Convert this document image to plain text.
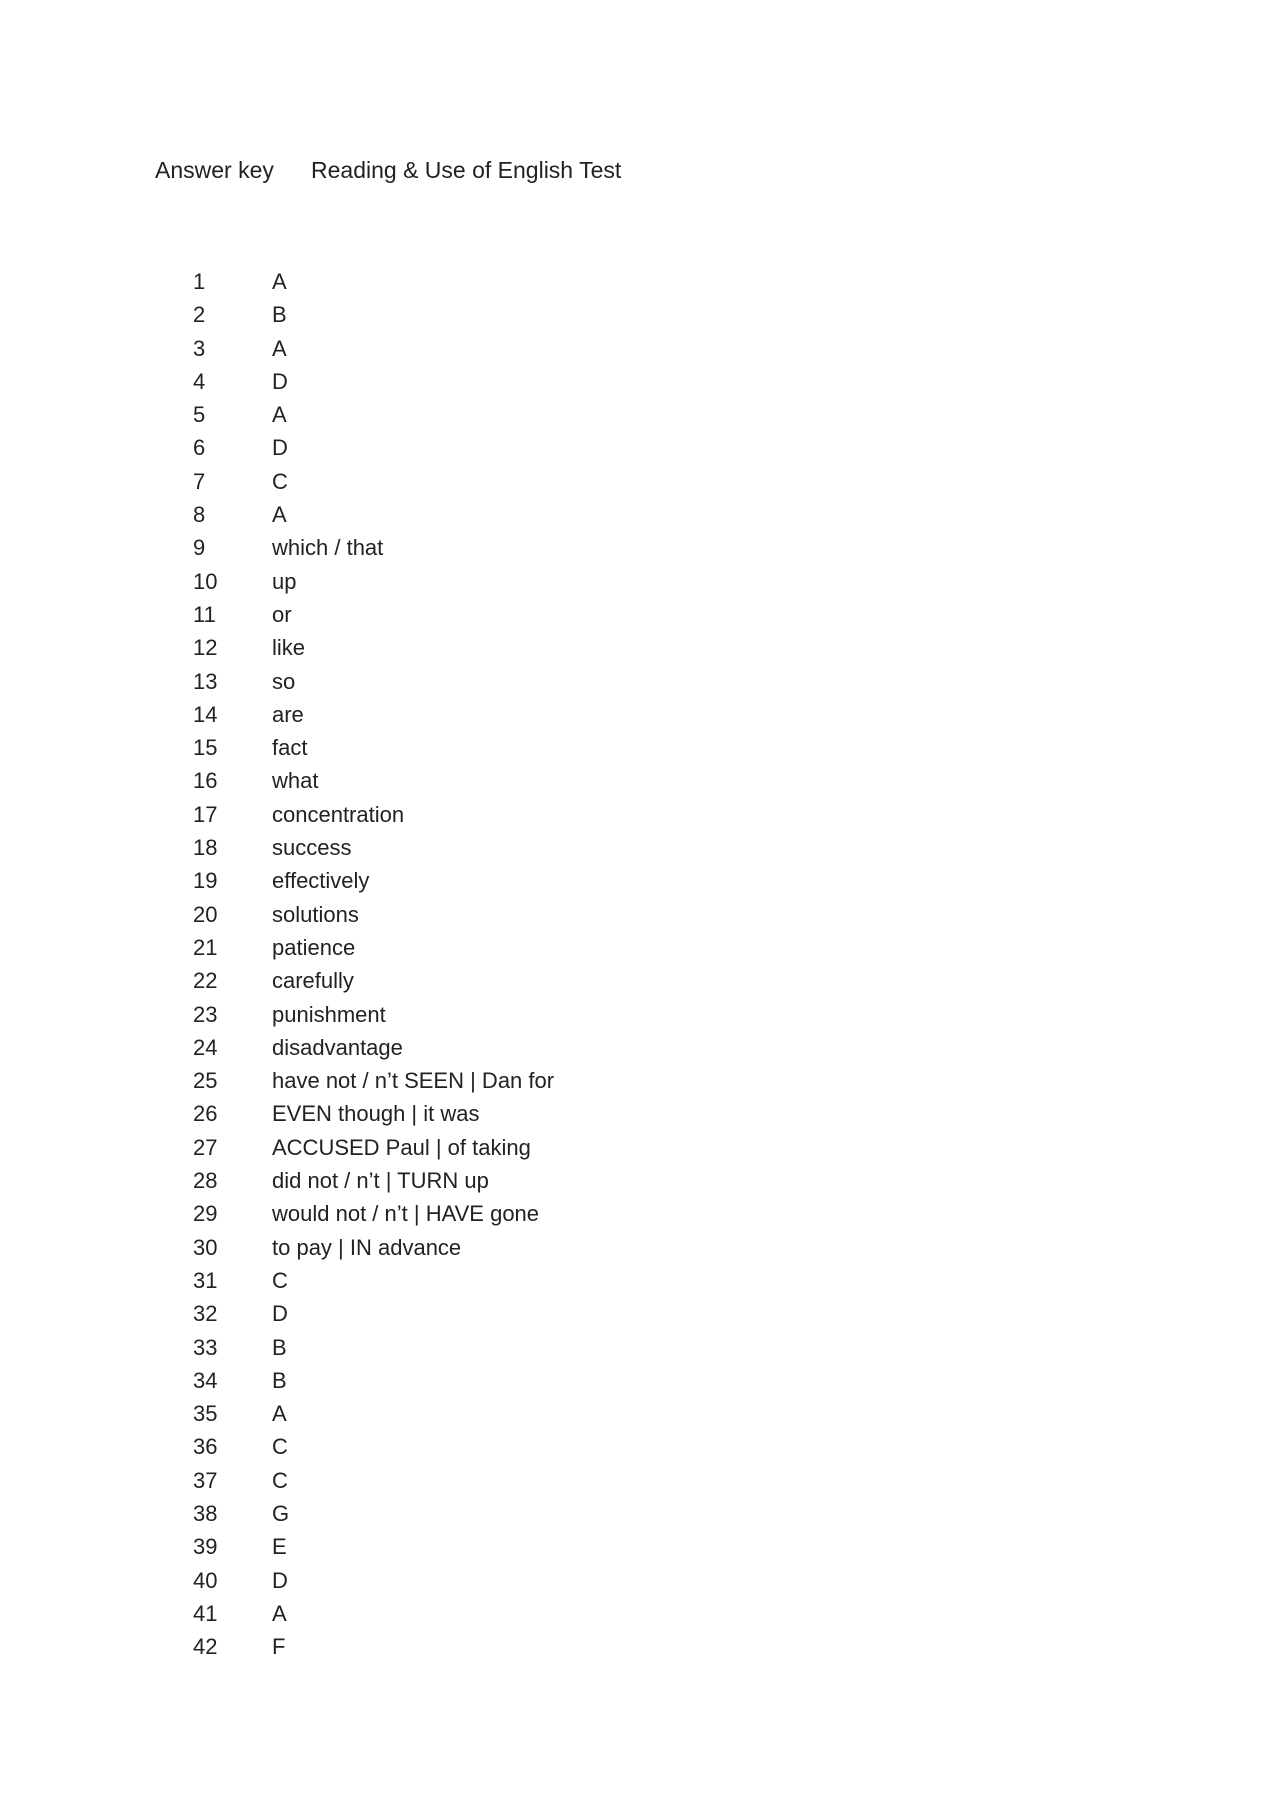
Answer key Reading & Use of English Test
1	A
2	B
3	A
4	D
5	A
6	D
7	C
8	A
9	which / that
10 up
11	or
12 like
13 so
14 are
15 fact
16 what
17 concentration
18 success
19 effectively
20 solutions
21 patience
22 carefully
23 punishment
24 disadvantage
25 have not / n’t SEEN | Dan for
26 EVEN though | it was
27 ACCUSED Paul | of taking
28 did not / n’t | TURN up
29 would not / n’t | HAVE gone
30 to pay | IN advance
31 C
32 D
33 B
34 B
35 A
36 C
37 C
38 G
39 E
40 D
41 A
42 F
